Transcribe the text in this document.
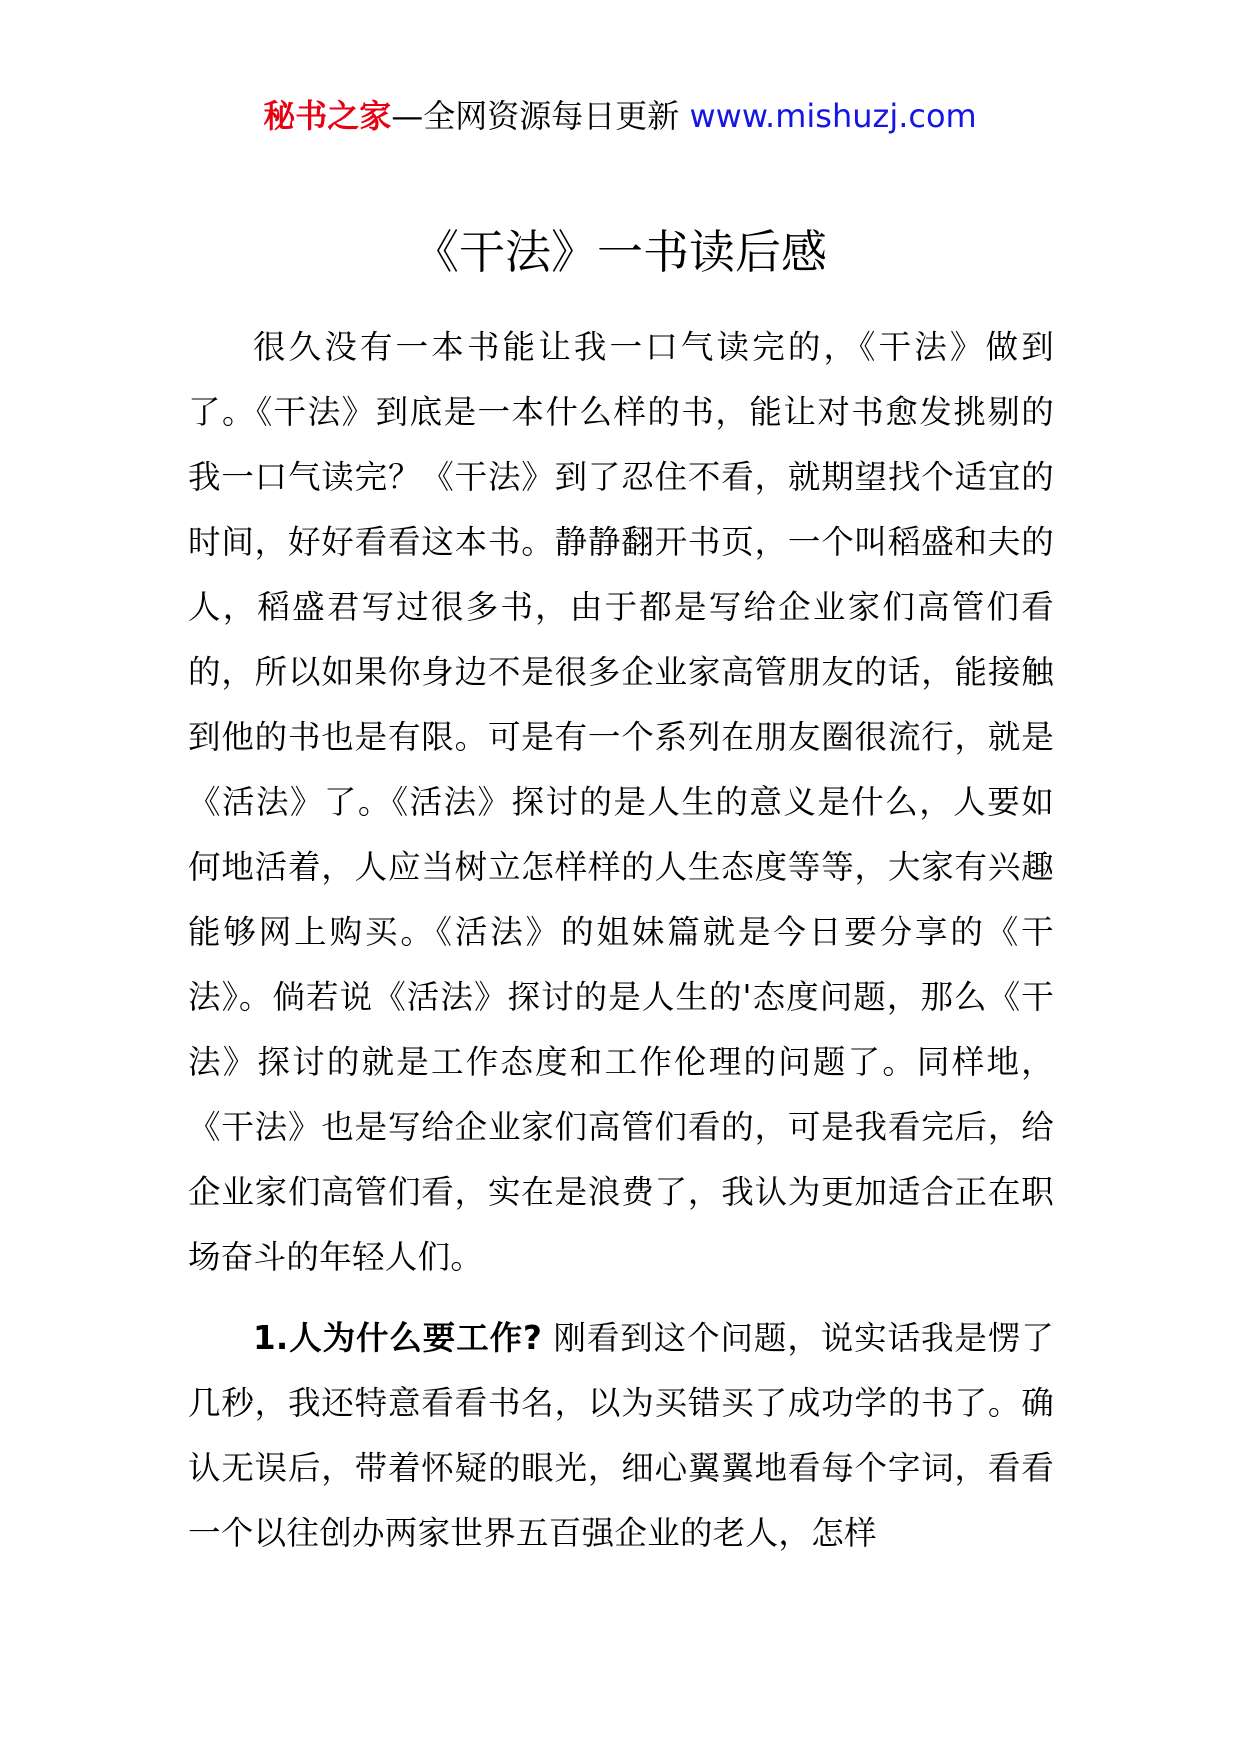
秘书之家—全网资源每日更新 www.mishuzj.com
《干法》一书读后感

很久没有一本书能让我一口气读完的，《干法》做到了。《干法》到底是一本什么样的书，能让对书愈发挑剔的我一口气读完？《干法》到了忍住不看，就期望找个适宜的时间，好好看看这本书。静静翻开书页，一个叫稻盛和夫的人，稻盛君写过很多书，由于都是写给企业家们高管们看的，所以如果你身边不是很多企业家高管朋友的话，能接触到他的书也是有限。可是有一个系列在朋友圈很流行，就是《活法》了。《活法》探讨的是人生的意义是什么，人要如何地活着，人应当树立怎样样的人生态度等等，大家有兴趣能够网上购买。《活法》的姐妹篇就是今日要分享的《干法》。倘若说《活法》探讨的是人生的'态度问题，那么《干法》探讨的就是工作态度和工作伦理的问题了。同样地，《干法》也是写给企业家们高管们看的，可是我看完后，给企业家们高管们看，实在是浪费了，我认为更加适合正在职场奋斗的年轻人们。

1.人为什么要工作? 刚看到这个问题，说实话我是愣了几秒，我还特意看看书名，以为买错买了成功学的书了。确认无误后，带着怀疑的眼光，细心翼翼地看每个字词，看看一个以往创办两家世界五百强企业的老人，怎样
